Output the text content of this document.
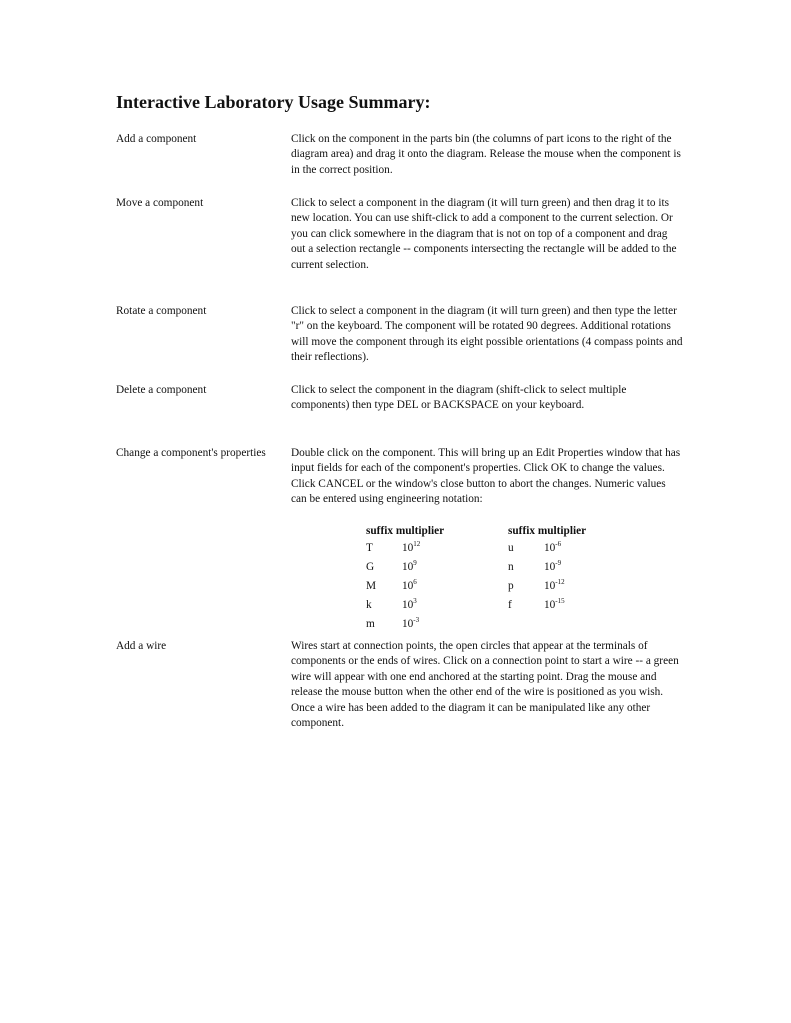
Interactive Laboratory Usage Summary:
Add a component	Click on the component in the parts bin (the columns of part icons to the right of the diagram area) and drag it onto the diagram. Release the mouse when the component is in the correct position.

Move a component	Click to select a component in the diagram (it will turn green) and then drag it to its new location. You can use shift-click to add a component to the current selection. Or you can click somewhere in the diagram that is not on top of a component and drag out a selection rectangle -- components intersecting the rectangle will be added to the current selection.

Rotate a component	Click to select a component in the diagram (it will turn green) and then type the letter "r" on the keyboard. The component will be rotated 90 degrees. Additional rotations will move the component through its eight possible orientations (4 compass points and their reflections).

Delete a component	Click to select the component in the diagram (shift-click to select multiple components) then type DEL or BACKSPACE on your keyboard.

Change a component's properties	Double click on the component. This will bring up an Edit Properties window that has input fields for each of the component's properties. Click OK to change the values. Click CANCEL or the window's close button to abort the changes. Numeric values can be entered using engineering notation:

suffix multiplier
T	$10^{12}$
G $10^9$
M $10^6$
k	$10^3$
m $10^{-3}$
suffix multiplier
u	$10^{-6}$
n	$10^{-9}$
p	$10^{-12}$
f	$10^{-15}$
Add a wire	Wires start at connection points, the open circles that appear at the terminals of components or the ends of wires. Click on a connection point to start a wire -- a green wire will appear with one end anchored at the starting point. Drag the mouse and release the mouse button when the other end of the wire is positioned as you wish. Once a wire has been added to the diagram it can be manipulated like any other component.
